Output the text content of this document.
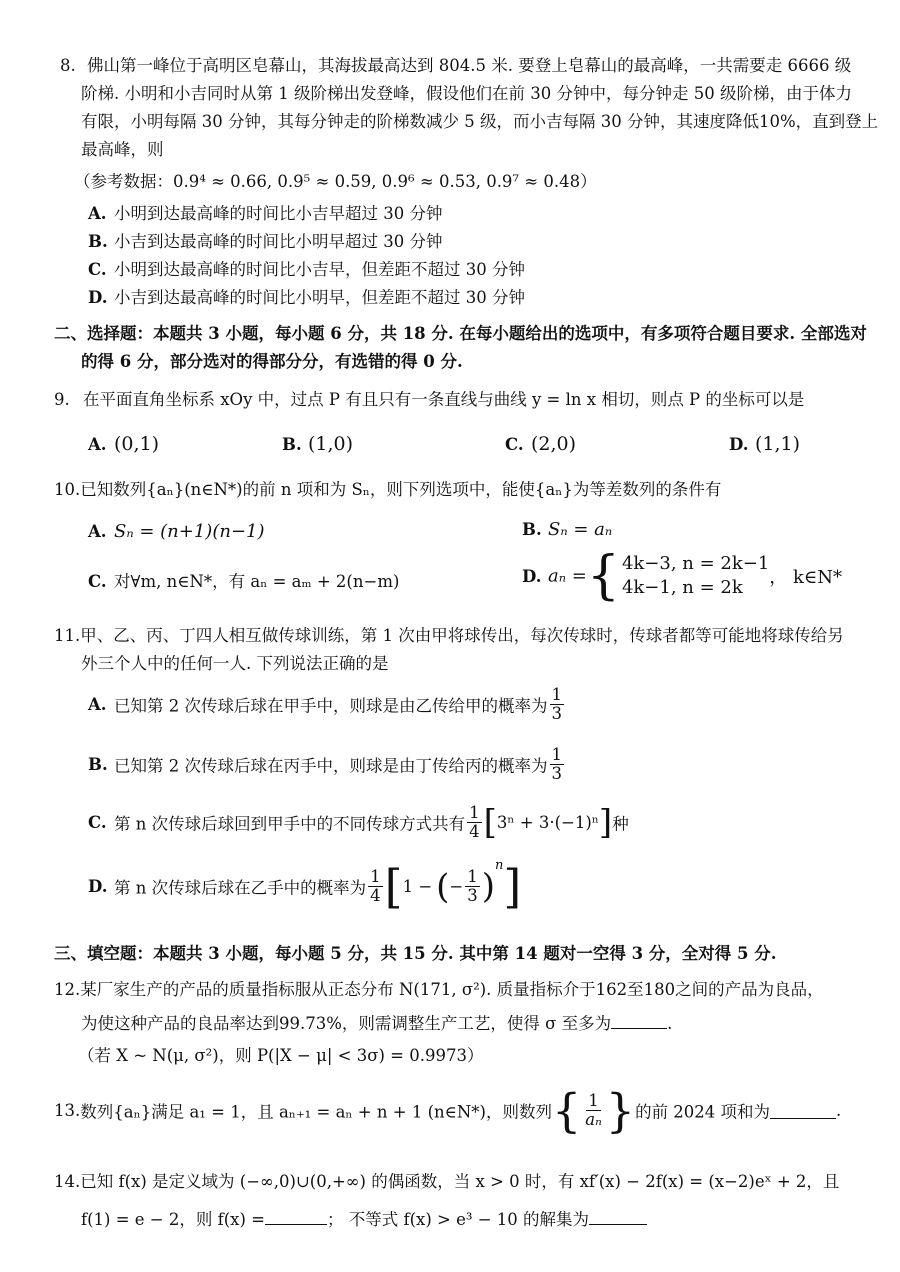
8. 佛山第一峰位于高明区皂幕山，其海拔最高达到 804.5 米. 要登上皂幕山的最高峰，一共需要走 6666 级
阶梯. 小明和小吉同时从第 1 级阶梯出发登峰，假设他们在前 30 分钟中，每分钟走 50 级阶梯，由于体力
有限，小明每隔 30 分钟，其每分钟走的阶梯数减少 5 级，而小吉每隔 30 分钟，其速度降低10%，直到登上
最高峰，则
（参考数据：0.9⁴ ≈ 0.66, 0.9⁵ ≈ 0.59, 0.9⁶ ≈ 0.53, 0.9⁷ ≈ 0.48）
A. 小明到达最高峰的时间比小吉早超过 30 分钟
B. 小吉到达最高峰的时间比小明早超过 30 分钟
C. 小明到达最高峰的时间比小吉早，但差距不超过 30 分钟
D. 小吉到达最高峰的时间比小明早，但差距不超过 30 分钟
二、选择题：本题共 3 小题，每小题 6 分，共 18 分. 在每小题给出的选项中，有多项符合题目要求. 全部选对
的得 6 分，部分选对的得部分分，有选错的得 0 分.
9. 在平面直角坐标系 xOy 中，过点 P 有且只有一条直线与曲线 y = ln x 相切，则点 P 的坐标可以是
A. (0,1)	B. (1,0)	C. (2,0)	D. (1,1)
10.已知数列{aₙ}(n∈N*)的前 n 项和为 Sₙ，则下列选项中，能使{aₙ}为等差数列的条件有
A. Sₙ = (n+1)(n−1)	B. Sₙ = aₙ
C. 对∀m, n∈N*，有 aₙ = aₘ + 2(n−m)	D. aₙ = { 4k−3, n = 2k−1
4k−1, n = 2k	， k∈N*
11.甲、乙、丙、丁四人相互做传球训练，第 1 次由甲将球传出，每次传球时，传球者都等可能地将球传给另
外三个人中的任何一人. 下列说法正确的是
A. 已知第 2 次传球后球在甲手中，则球是由乙传给甲的概率为 $\frac{1}{3}$
B. 已知第 2 次传球后球在丙手中，则球是由丁传给丙的概率为 $\frac{1}{3}$
C. 第 n 次传球后球回到甲手中的不同传球方式共有 $\frac{1}{4} [3^n + 3\cdot(-1)^n]$种
D. 第 n 次传球后球在乙手中的概率为 $\frac{1}{4} [1$ − (− $\frac{1}{3} )^n$]
三、填空题：本题共 3 小题，每小题 5 分，共 15 分. 其中第 14 题对一空得 3 分，全对得 5 分.
12.某厂家生产的产品的质量指标服从正态分布 N(171, σ²). 质量指标介于162至180之间的产品为良品，
为使这种产品的良品率达到99.73%，则需调整生产工艺，使得 σ 至多为	.
（若 X ~ N(μ, σ²)，则 P(|X − μ| < 3σ) = 0.9973）
13.数列{aₙ}满足 a₁ = 1，且 aₙ₊₁ = aₙ + n + 1 (n∈N*)，则数列{ $\frac{1}{\text{aₙ}}$ }的前 2024 项和为	.
14.已知 f(x) 是定义域为 (−∞,0)∪(0,+∞) 的偶函数，当 x > 0 时，有 xf′(x) − 2f(x) = (x−2)eˣ + 2，且
f(1) = e − 2，则 f(x) =	； 不等式 f(x) > e³ − 10 的解集为
